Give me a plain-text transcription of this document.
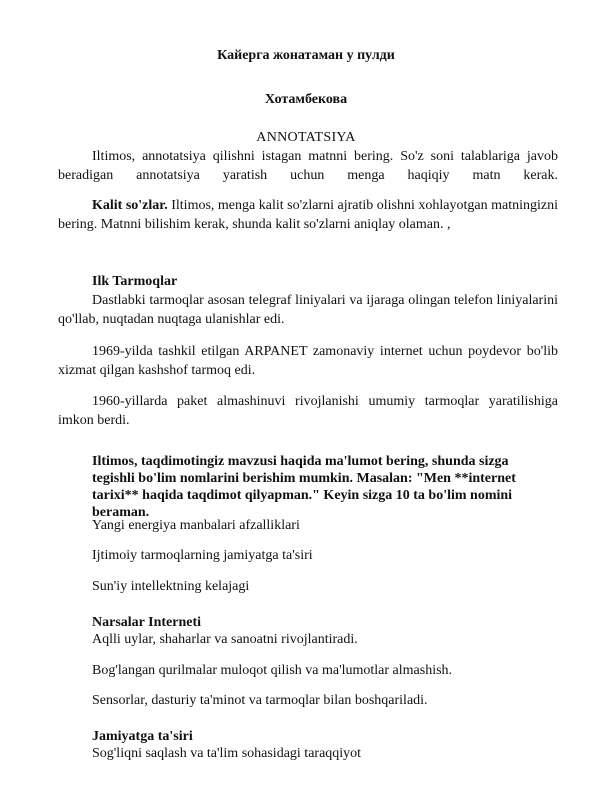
Кайерга жонатаман у пулди
Хотамбекова
ANNOTATSIYA
Iltimos, annotatsiya qilishni istagan matnni bering. So'z soni talablariga javob
beradigan annotatsiya yaratish uchun menga haqiqiy matn kerak.
Kalit so'zlar. Iltimos, menga kalit so'zlarni ajratib olishni xohlayotgan matningizni bering. Matnni bilishim kerak, shunda kalit so'zlarni aniqlay olaman. ,
Ilk Tarmoqlar
Dastlabki tarmoqlar asosan telegraf liniyalari va ijaraga olingan telefon liniyalarini qo'llab, nuqtadan nuqtaga ulanishlar edi.
1969-yilda tashkil etilgan ARPANET zamonaviy internet uchun poydevor bo'lib xizmat qilgan kashshof tarmoq edi.
1960-yillarda paket almashinuvi rivojlanishi umumiy tarmoqlar yaratilishiga imkon berdi.
Iltimos, taqdimotingiz mavzusi haqida ma'lumot bering, shunda sizga tegishli bo'lim nomlarini berishim mumkin. Masalan: "Men **internet tarixi** haqida taqdimot qilyapman." Keyin sizga 10 ta bo'lim nomini beraman.
Yangi energiya manbalari afzalliklari
Ijtimoiy tarmoqlarning jamiyatga ta'siri
Sun'iy intellektning kelajagi
Narsalar Interneti
Aqlli uylar, shaharlar va sanoatni rivojlantiradi.
Bog'langan qurilmalar muloqot qilish va ma'lumotlar almashish.
Sensorlar, dasturiy ta'minot va tarmoqlar bilan boshqariladi.
Jamiyatga ta'siri
Sog'liqni saqlash va ta'lim sohasidagi taraqqiyot
